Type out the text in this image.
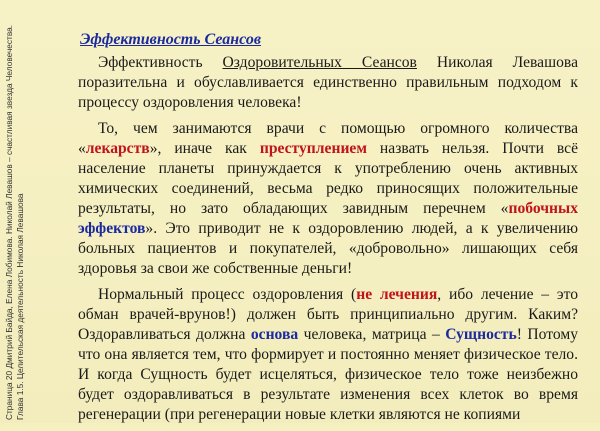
Страница 20 Дмитрий Байда, Елена Лобимова. Николай Левашов – счастливая звезда Человечества. Глава 1.5. Целительская деятельность Николая Левашова
Эффективность Сеансов

Эффективность Оздоровительных Сеансов Николая Левашова поразительна и обуславливается единственно правильным подходом к процессу оздоровления человека!

То, чем занимаются врачи с помощью огромного количества «лекарств», иначе как преступлением назвать нельзя. Почти всё население планеты принуждается к употреблению очень активных химических соединений, весьма редко приносящих положительные результаты, но зато обладающих завидным перечнем «побочных эффектов». Это приводит не к оздоровлению людей, а к увеличению больных пациентов и покупателей, «добровольно» лишающих себя здоровья за свои же собственные деньги!

Нормальный процесс оздоровления (не лечения, ибо лечение – это обман врачей-врунов!) должен быть принципиально другим. Каким? Оздоравливаться должна основа человека, матрица – Сущность! Потому что она является тем, что формирует и постоянно меняет физическое тело. И когда Сущность будет исцеляться, физическое тело тоже неизбежно будет оздоравливаться в результате изменения всех клеток во время регенерации (при регенерации новые клетки являются не копиями
